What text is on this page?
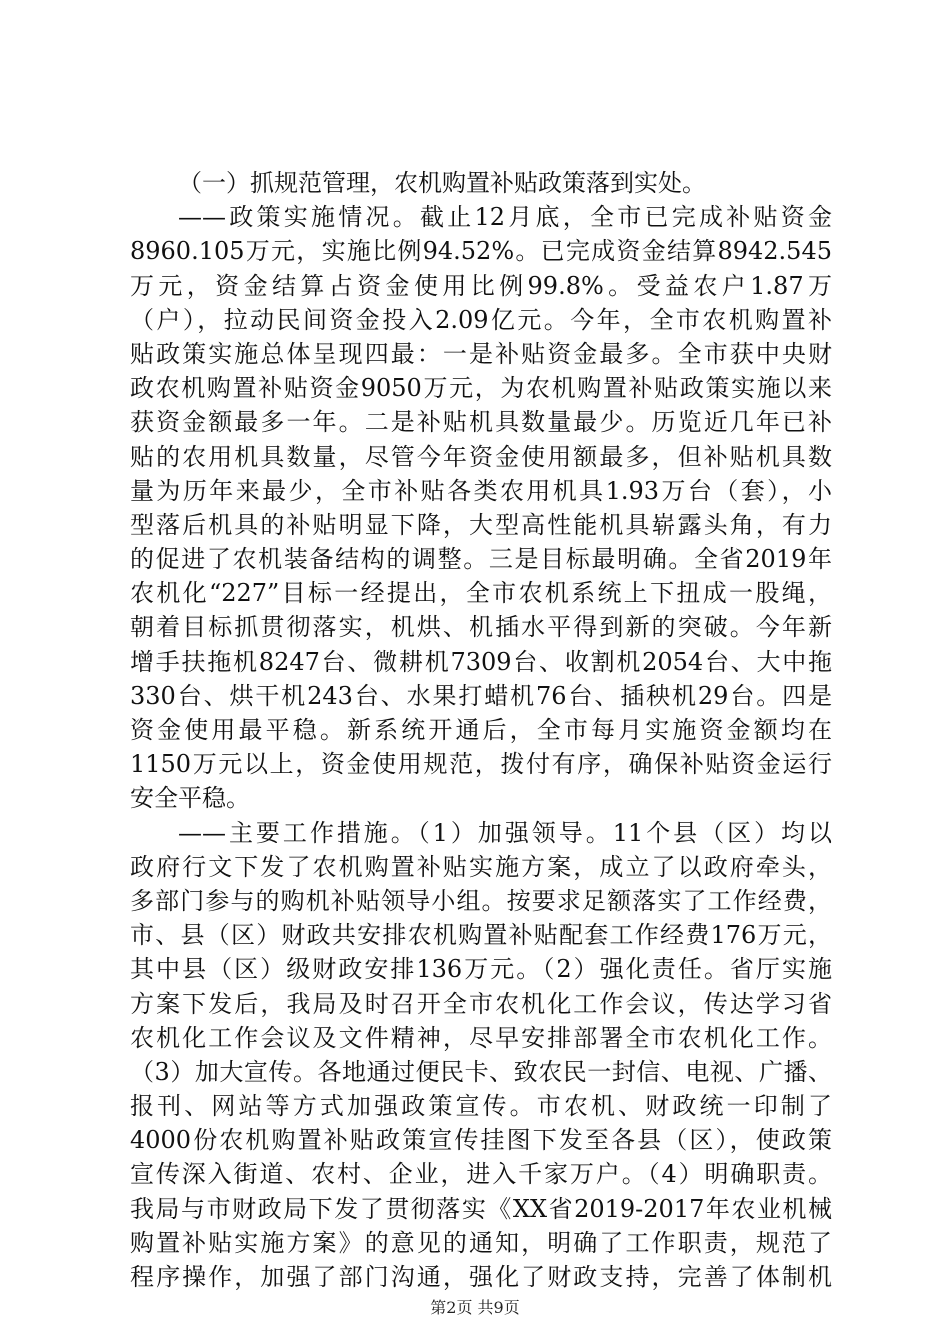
（一）抓规范管理，农机购置补贴政策落到实处。
——政策实施情况。截止12月底，全市已完成补贴资金
8960.105万元，实施比例94.52%。已完成资金结算8942.545
万元，资金结算占资金使用比例99.8%。受益农户1.87万
（户），拉动民间资金投入2.09亿元。今年，全市农机购置补
贴政策实施总体呈现四最：一是补贴资金最多。全市获中央财
政农机购置补贴资金9050万元，为农机购置补贴政策实施以来
获资金额最多一年。二是补贴机具数量最少。历览近几年已补
贴的农用机具数量，尽管今年资金使用额最多，但补贴机具数
量为历年来最少，全市补贴各类农用机具1.93万台（套），小
型落后机具的补贴明显下降，大型高性能机具崭露头角，有力
的促进了农机装备结构的调整。三是目标最明确。全省2019年
农机化“227”目标一经提出，全市农机系统上下扭成一股绳，
朝着目标抓贯彻落实，机烘、机插水平得到新的突破。今年新
增手扶拖机8247台、微耕机7309台、收割机2054台、大中拖
330台、烘干机243台、水果打蜡机76台、插秧机29台。四是
资金使用最平稳。新系统开通后，全市每月实施资金额均在
1150万元以上，资金使用规范，拨付有序，确保补贴资金运行
安全平稳。
——主要工作措施。（1）加强领导。11个县（区）均以
政府行文下发了农机购置补贴实施方案，成立了以政府牵头，
多部门参与的购机补贴领导小组。按要求足额落实了工作经费，
市、县（区）财政共安排农机购置补贴配套工作经费176万元，
其中县（区）级财政安排136万元。（2）强化责任。省厅实施
方案下发后，我局及时召开全市农机化工作会议，传达学习省
农机化工作会议及文件精神，尽早安排部署全市农机化工作。
（3）加大宣传。各地通过便民卡、致农民一封信、电视、广播、
报刊、网站等方式加强政策宣传。市农机、财政统一印制了
4000份农机购置补贴政策宣传挂图下发至各县（区），使政策
宣传深入街道、农村、企业，进入千家万户。（4）明确职责。
我局与市财政局下发了贯彻落实《XX省2019-2017年农业机械
购置补贴实施方案》的意见的通知，明确了工作职责，规范了
程序操作，加强了部门沟通，强化了财政支持，完善了体制机
第2页 共9页
